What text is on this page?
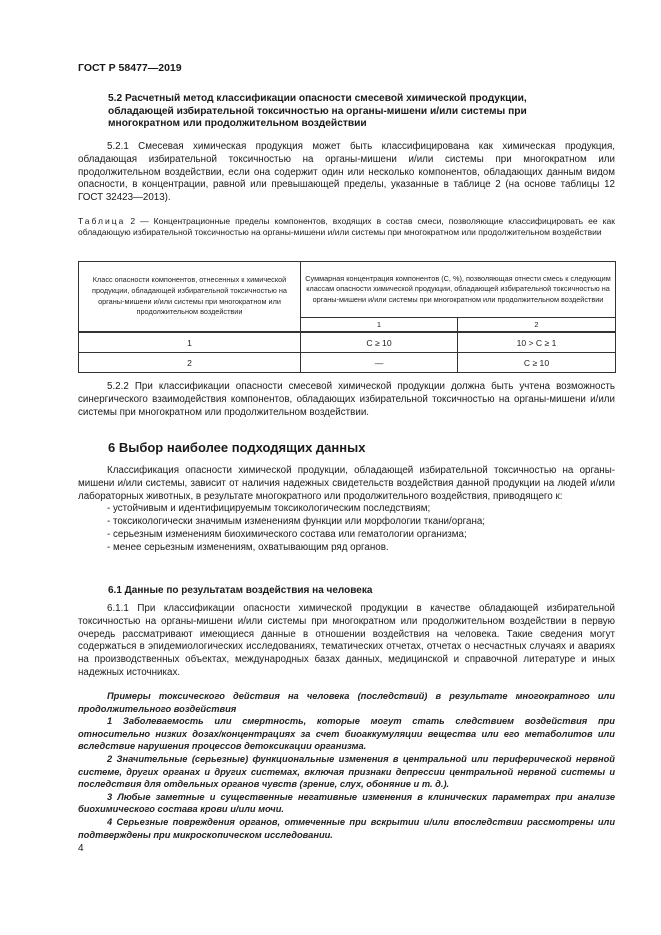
ГОСТ Р 58477—2019
5.2 Расчетный метод классификации опасности смесевой химической продукции, обладающей избирательной токсичностью на органы-мишени и/или системы при многократном или продолжительном воздействии

5.2.1 Смесевая химическая продукция может быть классифицирована как химическая продукция, обладающая избирательной токсичностью на органы-мишени и/или системы при многократном или продолжительном воздействии, если она содержит один или несколько компонентов, обладающих данным видом опасности, в концентрации, равной или превышающей пределы, указанные в таблице 2 (на основе таблицы 12 ГОСТ 32423—2013).

Таблица 2 — Концентрационные пределы компонентов, входящих в состав смеси, позволяющие классифицировать ее как обладающую избирательной токсичностью на органы-мишени и/или системы при многократном или продолжительном воздействии
Класс опасности компонентов, отнесенных к химической продукции, обладающей избирательной токсичностью на органы-мишени и/или системы при многократном или продолжительном воздействии	Суммарная концентрация компонентов (С, %), позволяющая отнести смесь к следующим классам опасности химической продукции, обладающей избирательной токсичностью на органы-мишени и/или системы при многократном или продолжительном воздействии	
	1	2
1	С ≥ 10	10 > С ≥ 1
2	—	С ≥ 10

5.2.2 При классификации опасности смесевой химической продукции должна быть учтена возможность синергического взаимодействия компонентов, обладающих избирательной токсичностью на органы-мишени и/или системы при многократном или продолжительном воздействии.

6 Выбор наиболее подходящих данных

Классификация опасности химической продукции, обладающей избирательной токсичностью на органы-мишени и/или системы, зависит от наличия надежных свидетельств воздействия данной продукции на людей и/или лабораторных животных, в результате многократного или продолжительного воздействия, приводящего к:

- устойчивым и идентифицируемым токсикологическим последствиям;

- токсикологически значимым изменениям функции или морфологии ткани/органа;

- серьезным изменениям биохимического состава или гематологии организма;

- менее серьезным изменениям, охватывающим ряд органов.

6.1 Данные по результатам воздействия на человека

6.1.1 При классификации опасности химической продукции в качестве обладающей избирательной токсичностью на органы-мишени и/или системы при многократном или продолжительном воздействии в первую очередь рассматривают имеющиеся данные в отношении воздействия на человека. Такие сведения могут содержаться в эпидемиологических исследованиях, тематических отчетах, отчетах о несчастных случаях и авариях на производственных объектах, международных базах данных, медицинской и справочной литературе и иных надежных источниках.

Примеры токсического действия на человека (последствий) в результате многократного или продолжительного воздействия

1 Заболеваемость или смертность, которые могут стать следствием воздействия при относительно низких дозах/концентрациях за счет биоаккумуляции вещества или его метаболитов или вследствие нарушения процессов детоксикации организма.

2 Значительные (серьезные) функциональные изменения в центральной или периферической нервной системе, других органах и других системах, включая признаки депрессии центральной нервной системы и последствия для отдельных органов чувств (зрение, слух, обоняние и т. д.).

3 Любые заметные и существенные негативные изменения в клинических параметрах при анализе биохимического состава крови и/или мочи.

4 Серьезные повреждения органов, отмеченные при вскрытии и/или впоследствии рассмотрены или подтверждены при микроскопическом исследовании.

4
